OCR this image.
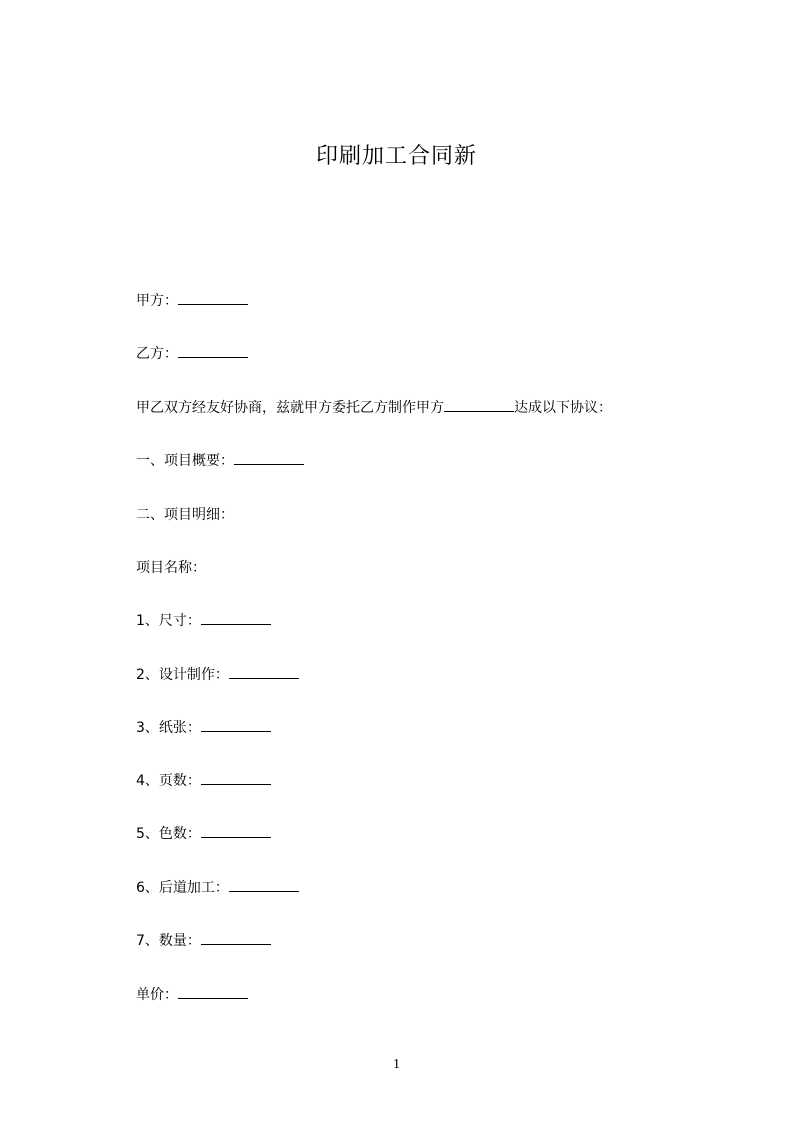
印刷加工合同新
甲方：
乙方：
甲乙双方经友好协商，兹就甲方委托乙方制作甲方	达成以下协议：
一、项目概要：
二、项目明细：
项目名称：
1、尺寸：
2、设计制作：
3、纸张：
4、页数：
5、色数：
6、后道加工：
7、数量：
单价：
1
